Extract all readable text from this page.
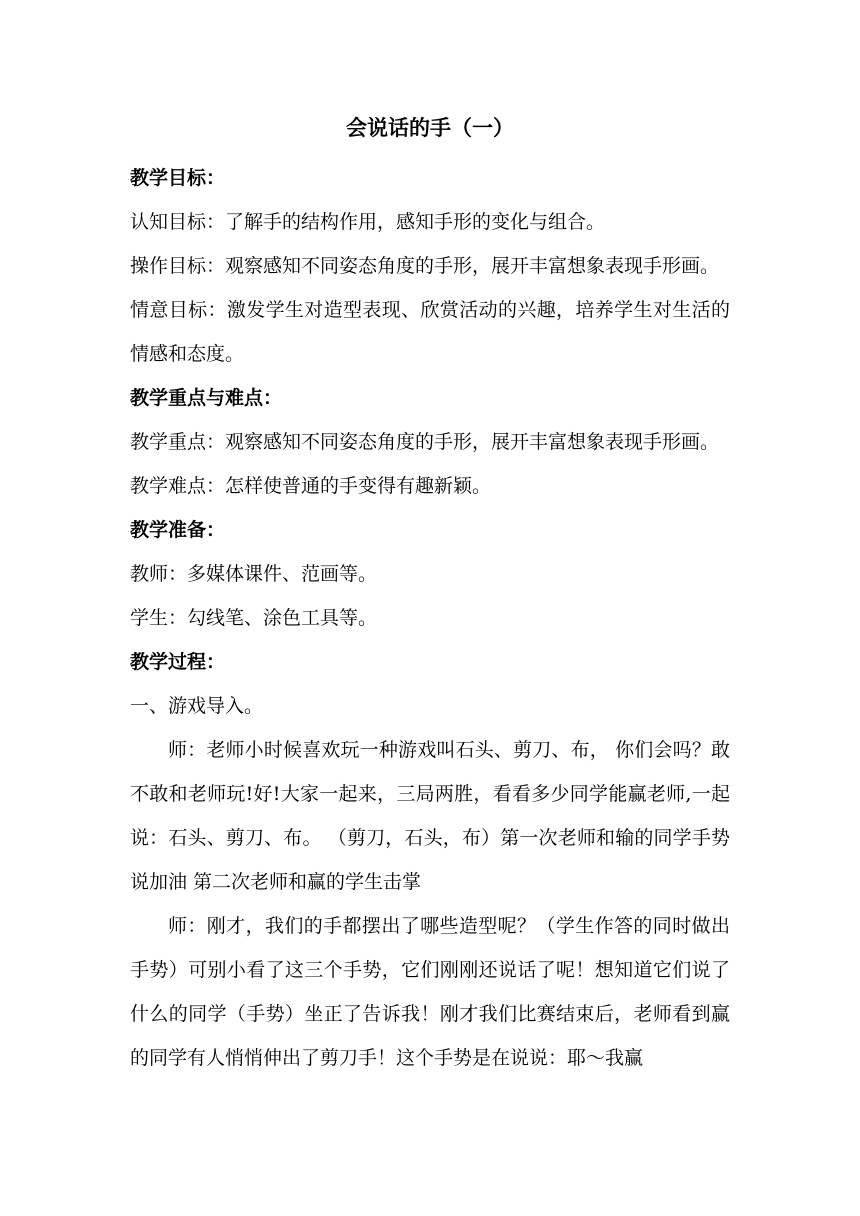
会说话的手（一）
教学目标：
认知目标：了解手的结构作用，感知手形的变化与组合。
操作目标：观察感知不同姿态角度的手形，展开丰富想象表现手形画。
情意目标：激发学生对造型表现、欣赏活动的兴趣，培养学生对生活的情感和态度。
教学重点与难点：
教学重点：观察感知不同姿态角度的手形，展开丰富想象表现手形画。
教学难点：怎样使普通的手变得有趣新颖。
教学准备：
教师：多媒体课件、范画等。
学生：勾线笔、涂色工具等。
教学过程：
一、游戏导入。
师：老师小时候喜欢玩一种游戏叫石头、剪刀、布， 你们会吗？敢不敢和老师玩!好!大家一起来，三局两胜，看看多少同学能赢老师,一起说：石头、剪刀、布。 （剪刀，石头，布）第一次老师和输的同学手势说加油 第二次老师和赢的学生击掌
师：刚才，我们的手都摆出了哪些造型呢？（学生作答的同时做出手势）可别小看了这三个手势，它们刚刚还说话了呢！想知道它们说了什么的同学（手势）坐正了告诉我！刚才我们比赛结束后，老师看到赢的同学有人悄悄伸出了剪刀手！这个手势是在说说：耶～我赢
